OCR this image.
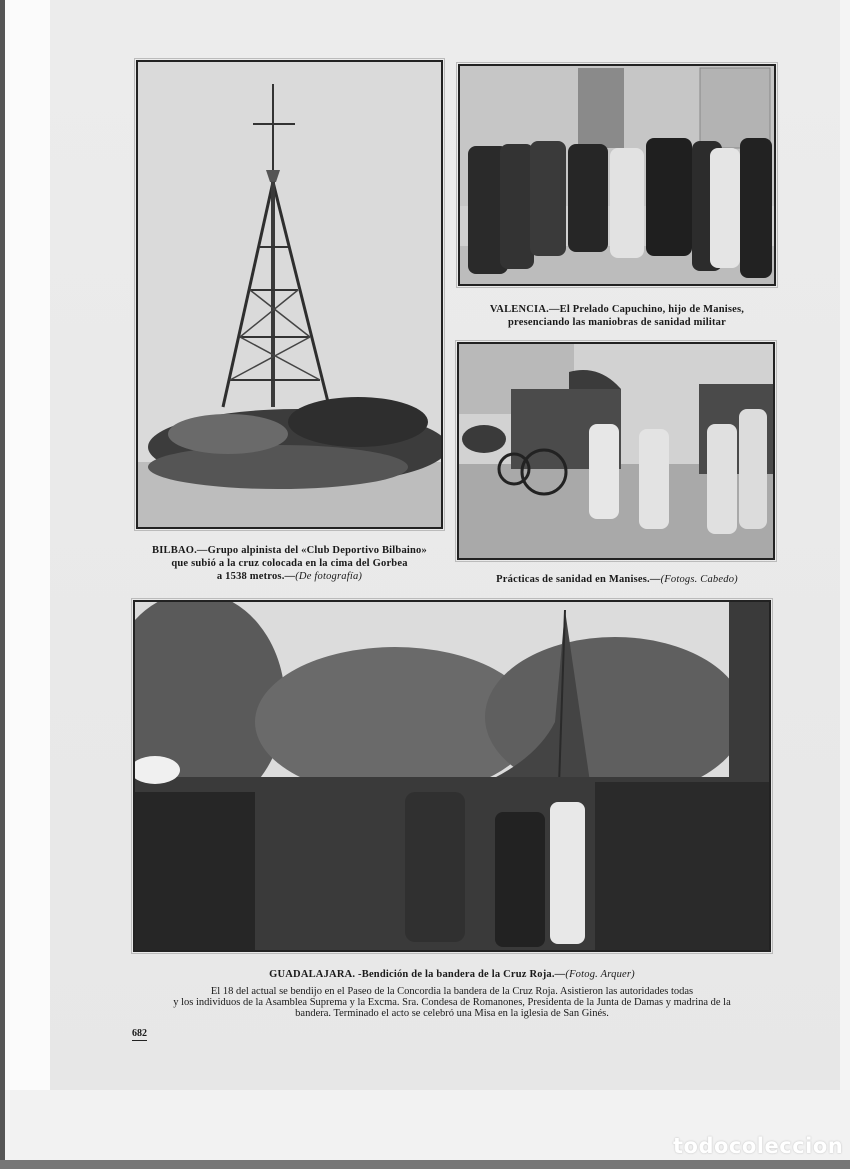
VALENCIA.—El Prelado Capuchino, hijo de Manises,
presenciando las maniobras de sanidad militar
Prácticas de sanidad en Manises.—(Fotogs. Cabedo)
BILBAO.—Grupo alpinista del «Club Deportivo Bilbaino»
que subió a la cruz colocada en la cima del Gorbea
a 1538 metros.—(De fotografía)
GUADALAJARA. -Bendición de la bandera de la Cruz Roja.—(Fotog. Arquer)
El 18 del actual se bendijo en el Paseo de la Concordia la bandera de la Cruz Roja. Asistieron las autoridades todas
y los individuos de la Asamblea Suprema y la Excma. Sra. Condesa de Romanones, Presidenta de la Junta de Damas y madrina de la
bandera. Terminado el acto se celebró una Misa en la iglesia de San Ginés.
682
todocoleccion
